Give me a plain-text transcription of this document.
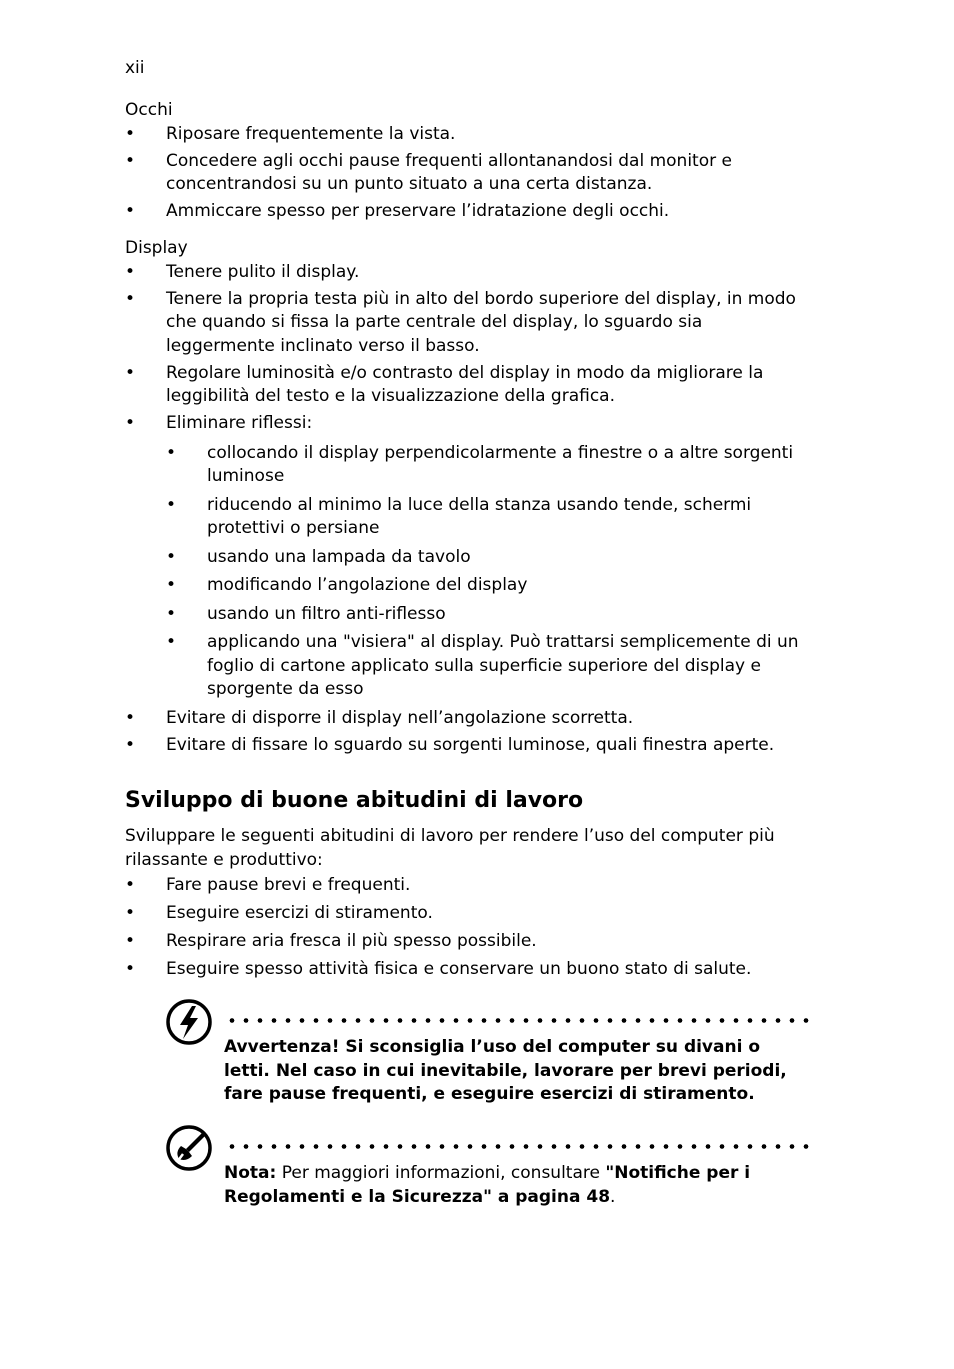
xii

Occhi

• Riposare frequentemente la vista.
• Concedere agli occhi pause frequenti allontanandosi dal monitor e concentrandosi su un punto situato a una certa distanza.
• Ammiccare spesso per preservare l’idratazione degli occhi.

Display

• Tenere pulito il display.
• Tenere la propria testa più in alto del bordo superiore del display, in modo che quando si fissa la parte centrale del display, lo sguardo sia leggermente inclinato verso il basso.
• Regolare luminosità e/o contrasto del display in modo da migliorare la leggibilità del testo e la visualizzazione della grafica.
• Eliminare riflessi:
• collocando il display perpendicolarmente a finestre o a altre sorgenti luminose
• riducendo al minimo la luce della stanza usando tende, schermi protettivi o persiane
• usando una lampada da tavolo
• modificando l’angolazione del display
• usando un filtro anti-riflesso
• applicando una "visiera" al display. Può trattarsi semplicemente di un foglio di cartone applicato sulla superficie superiore del display e sporgente da esso
• Evitare di disporre il display nell’angolazione scorretta.
• Evitare di fissare lo sguardo su sorgenti luminose, quali finestra aperte.
Sviluppo di buone abitudini di lavoro

Sviluppare le seguenti abitudini di lavoro per rendere l’uso del computer più rilassante e produttivo:

• Fare pause brevi e frequenti.
• Eseguire esercizi di stiramento.
• Respirare aria fresca il più spesso possibile.
• Eseguire spesso attività fisica e conservare un buono stato di salute.
Avvertenza! Si sconsiglia l’uso del computer su divani o letti. Nel caso in cui inevitabile, lavorare per brevi periodi, fare pause frequenti, e eseguire esercizi di stiramento.
Nota: Per maggiori informazioni, consultare "Notifiche per i Regolamenti e la Sicurezza" a pagina 48.
